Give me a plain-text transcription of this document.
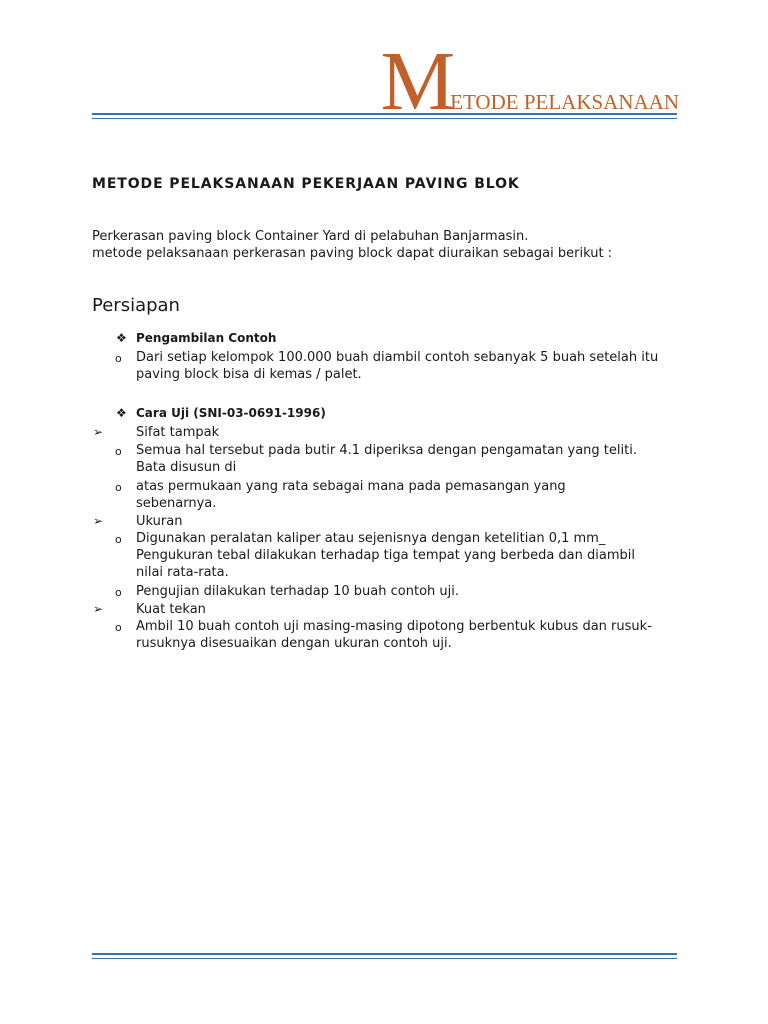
METODE PELAKSANAAN
METODE PELAKSANAAN PEKERJAAN PAVING BLOK
Perkerasan paving block Container Yard di pelabuhan Banjarmasin.
metode pelaksanaan perkerasan paving block dapat diuraikan sebagai berikut :
Persiapan
❖ Pengambilan Contoh
o Dari setiap kelompok 100.000 buah diambil contoh sebanyak 5 buah setelah itu
paving block bisa di kemas / palet.
❖ Cara Uji (SNI-03-0691-1996)
➢	Sifat tampak
o Semua hal tersebut pada butir 4.1 diperiksa dengan pengamatan yang teliti.
Bata disusun di
o atas permukaan yang rata sebagai mana pada pemasangan yang
sebenarnya.
➢	Ukuran
o Digunakan peralatan kaliper atau sejenisnya dengan ketelitian 0,1 mm_
Pengukuran tebal dilakukan terhadap tiga tempat yang berbeda dan diambil
nilai rata-rata.
o Pengujian dilakukan terhadap 10 buah contoh uji.
➢	Kuat tekan
o Ambil 10 buah contoh uji masing-masing dipotong berbentuk kubus dan rusuk-
rusuknya disesuaikan dengan ukuran contoh uji.
